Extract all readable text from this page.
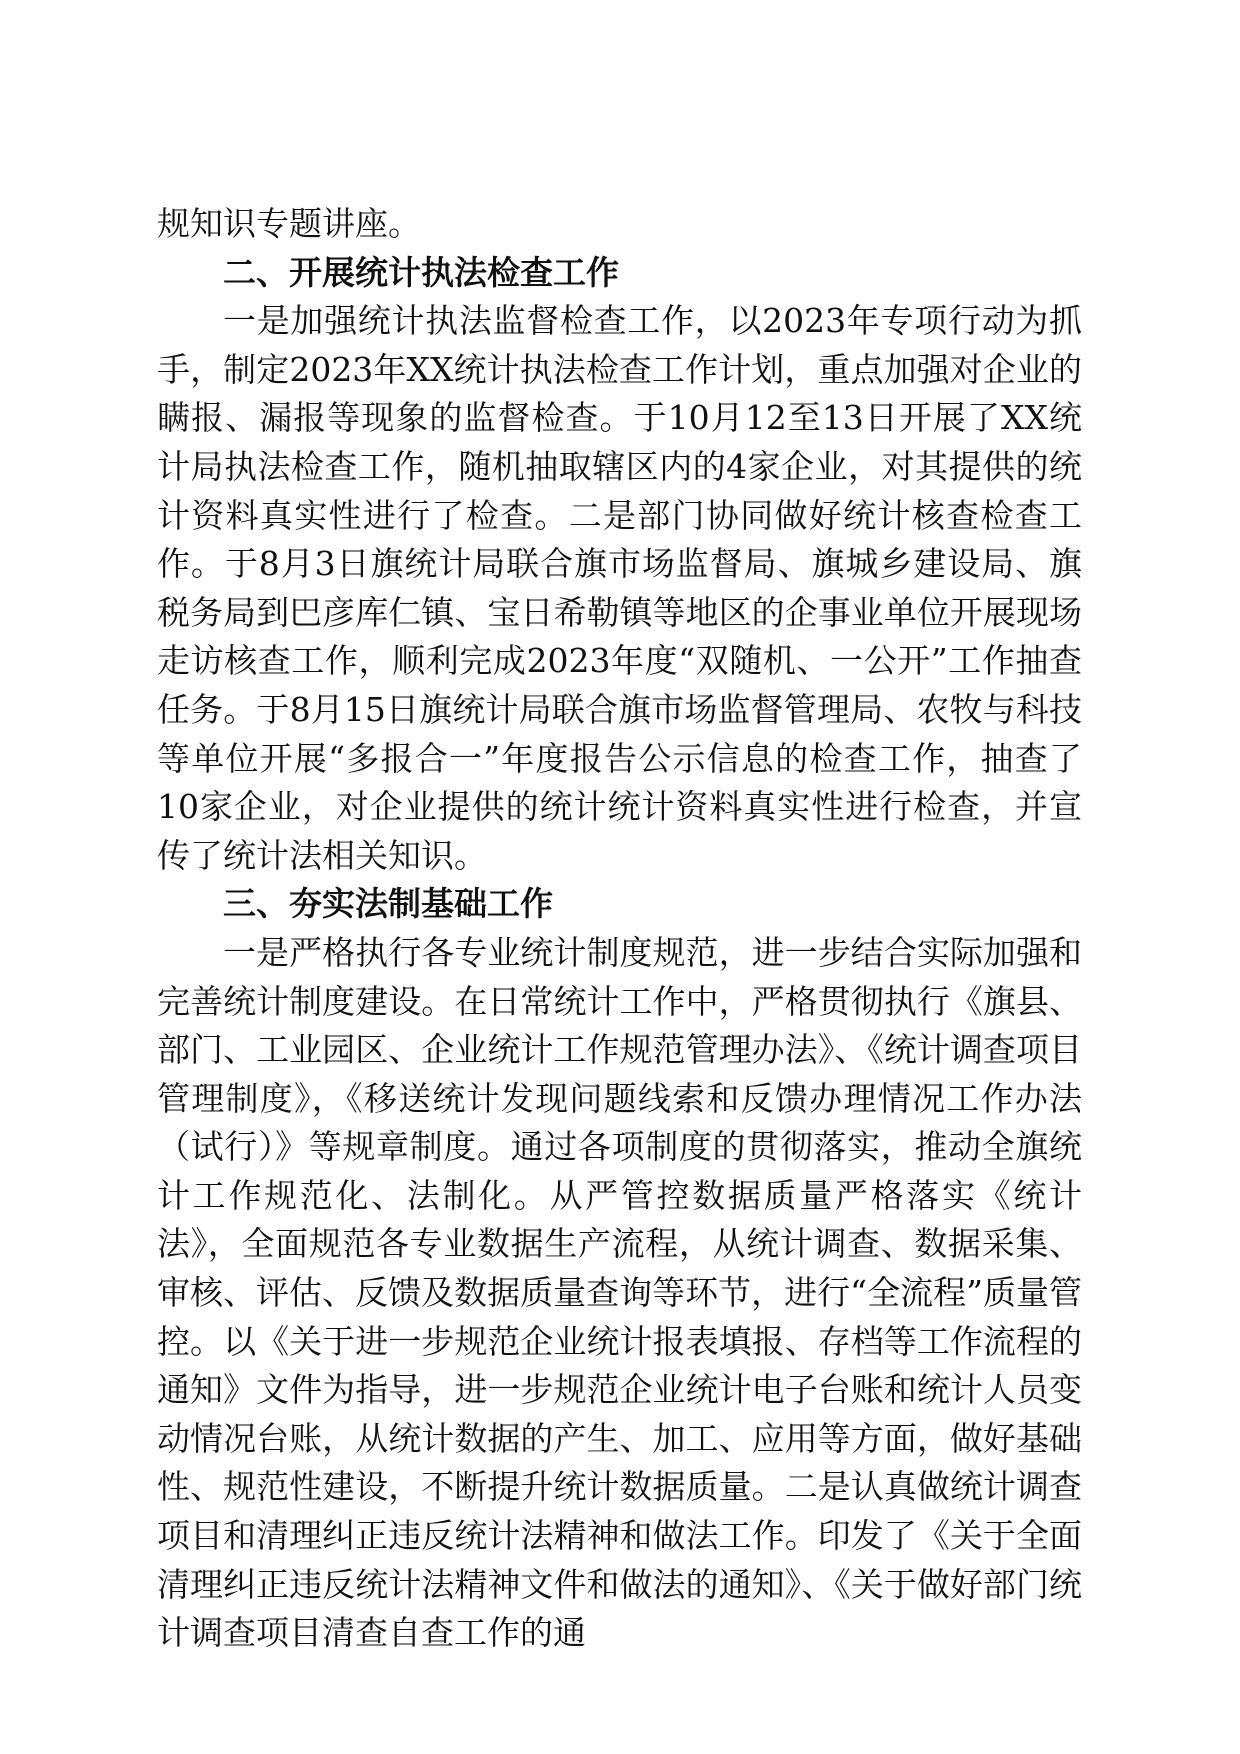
规知识专题讲座。

二、开展统计执法检查工作

一是加强统计执法监督检查工作，以2023年专项行动为抓手，制定2023年XX统计执法检查工作计划，重点加强对企业的瞒报、漏报等现象的监督检查。于10月12至13日开展了XX统计局执法检查工作，随机抽取辖区内的4家企业，对其提供的统计资料真实性进行了检查。二是部门协同做好统计核查检查工作。于8月3日旗统计局联合旗市场监督局、旗城乡建设局、旗税务局到巴彦库仁镇、宝日希勒镇等地区的企事业单位开展现场走访核查工作，顺利完成2023年度“双随机、一公开”工作抽查任务。于8月15日旗统计局联合旗市场监督管理局、农牧与科技等单位开展“多报合一”年度报告公示信息的检查工作，抽查了10家企业，对企业提供的统计统计资料真实性进行检查，并宣传了统计法相关知识。

三、夯实法制基础工作

一是严格执行各专业统计制度规范，进一步结合实际加强和完善统计制度建设。在日常统计工作中，严格贯彻执行《旗县、部门、工业园区、企业统计工作规范管理办法》、《统计调查项目管理制度》，《移送统计发现问题线索和反馈办理情况工作办法（试行）》等规章制度。通过各项制度的贯彻落实，推动全旗统计工作规范化、法制化。从严管控数据质量严格落实《统计法》，全面规范各专业数据生产流程，从统计调查、数据采集、审核、评估、反馈及数据质量查询等环节，进行“全流程”质量管控。以《关于进一步规范企业统计报表填报、存档等工作流程的通知》文件为指导，进一步规范企业统计电子台账和统计人员变动情况台账，从统计数据的产生、加工、应用等方面，做好基础性、规范性建设，不断提升统计数据质量。二是认真做统计调查项目和清理纠正违反统计法精神和做法工作。印发了《关于全面清理纠正违反统计法精神文件和做法的通知》、《关于做好部门统计调查项目清查自查工作的通
